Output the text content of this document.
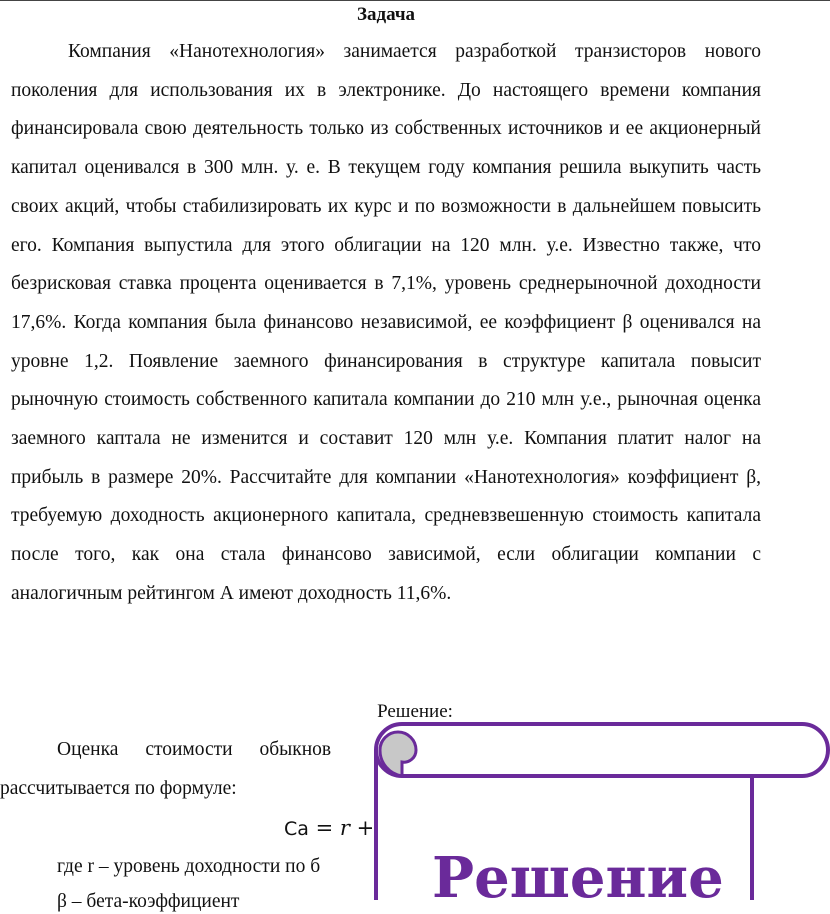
Задача
Компания «Нанотехнология» занимается разработкой транзисторов нового поколения для использования их в электронике. До настоящего времени компания финансировала свою деятельность только из собственных источников и ее акционерный капитал оценивался в 300 млн. у. е. В текущем году компания решила выкупить часть своих акций, чтобы стабилизировать их курс и по возможности в дальнейшем повысить его. Компания выпустила для этого облигации на 120 млн. у.е. Известно также, что безрисковая ставка процента оценивается в 7,1%, уровень среднерыночной доходности 17,6%. Когда компания была финансово независимой, ее коэффициент β оценивался на уровне 1,2. Появление заемного финансирования в структуре капитала повысит рыночную стоимость собственного капитала компании до 210 млн у.е., рыночная оценка заемного каптала не изменится и составит 120 млн у.е. Компания платит налог на прибыль в размере 20%. Рассчитайте для компании «Нанотехнология» коэффициент β, требуемую доходность акционерного капитала, средневзвешенную стоимость капитала после того, как она стала финансово зависимой, если облигации компании с аналогичным рейтингом А имеют доходность 11,6%.
Решение:
Оценка стоимости обыкнов
рассчитывается по формуле:
Ca = r +
где r – уровень доходности по б
β – бета-коэффициент	Решение
